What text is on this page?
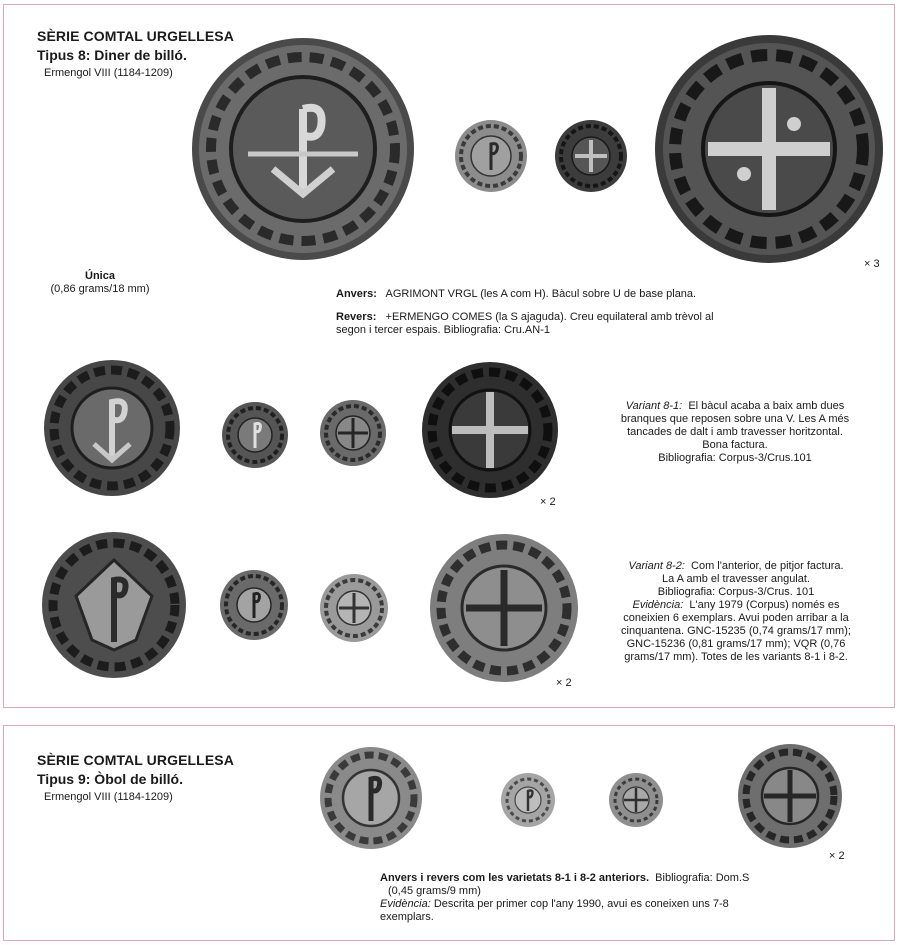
SÈRIE COMTAL URGELLESA
Tipus 8: Diner de billó.
Ermengol VIII (1184-1209)
× 3
Única
(0,86 grams/18 mm)	Anvers: AGRIMONT VRGL (les A com H). Bàcul sobre U de base plana.
Revers: +ERMENGO COMES (la S ajaguda). Creu equilateral amb trèvol al
segon i tercer espais. Bibliografia: Cru.AN-1
× 2
Variant 8-1: El bàcul acaba a baix amb dues
branques que reposen sobre una V. Les A més
tancades de dalt i amb travesser horitzontal.
Bona factura.
Bibliografia: Corpus-3/Crus.101
× 2
Variant 8-2: Com l'anterior, de pitjor factura.
La A amb el travesser angulat.
Bibliografia: Corpus-3/Crus. 101
Evidència: L'any 1979 (Corpus) només es
coneixien 6 exemplars. Avui poden arribar a la
cinquantena. GNC-15235 (0,74 grams/17 mm);
GNC-15236 (0,81 grams/17 mm); VQR (0,76
grams/17 mm). Totes de les variants 8-1 i 8-2.
SÈRIE COMTAL URGELLESA
Tipus 9: Òbol de billó.
Ermengol VIII (1184-1209)
× 2
Anvers i revers com les varietats 8-1 i 8-2 anteriors. Bibliografia: Dom.S
(0,45 grams/9 mm)
Evidència: Descrita per primer cop l'any 1990, avui es coneixen uns 7-8
exemplars.
